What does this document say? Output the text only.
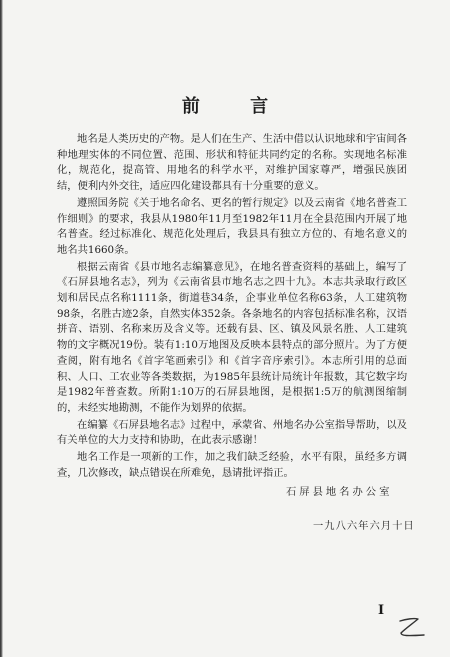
前 言

地名是人类历史的产物。是人们在生产、生活中借以认识地球和宇宙间各种地理实体的不同位置、范围、形状和特征共同约定的名称。实现地名标准化，规范化，提高管、用地名的科学水平，对维护国家尊严，增强民族团结，便利内外交往，适应四化建设都具有十分重要的意义。

遵照国务院《关于地名命名、更名的暂行规定》以及云南省《地名普查工作细则》的要求，我县从1980年11月至1982年11月在全县范围内开展了地名普查。经过标准化、规范化处理后，我县具有独立方位的、有地名意义的地名共1660条。

根据云南省《县市地名志编纂意见》，在地名普查资料的基础上，编写了《石屏县地名志》，列为《云南省县市地名志之四十九》。本志共录取行政区划和居民点名称1111条，街道巷34条，企事业单位名称63条，人工建筑物98条，名胜古迹2条，自然实体352条。各条地名的内容包括标准名称，汉语拼音、语别、名称来历及含义等。还载有县、区、镇及风景名胜、人工建筑物的文字概况19份。装有1:10万地图及反映本县特点的部分照片。为了方便查阅，附有地名《首字笔画索引》和《首字音序索引》。本志所引用的总面积、人口、工农业等各类数据，为1985年县统计局统计年报数，其它数字均是1982年普查数。所附1:10万的石屏县地图，是根据1:5万的航测图缩制的，未经实地勘测，不能作为划界的依据。

在编纂《石屏县地名志》过程中，承蒙省、州地名办公室指导帮助，以及有关单位的大力支持和协助，在此表示感谢！

地名工作是一项新的工作，加之我们缺乏经验，水平有限，虽经多方调查，几次修改，缺点错误在所难免，恳请批评指正。

石屏县地名办公室
一九八六年六月十日
I
